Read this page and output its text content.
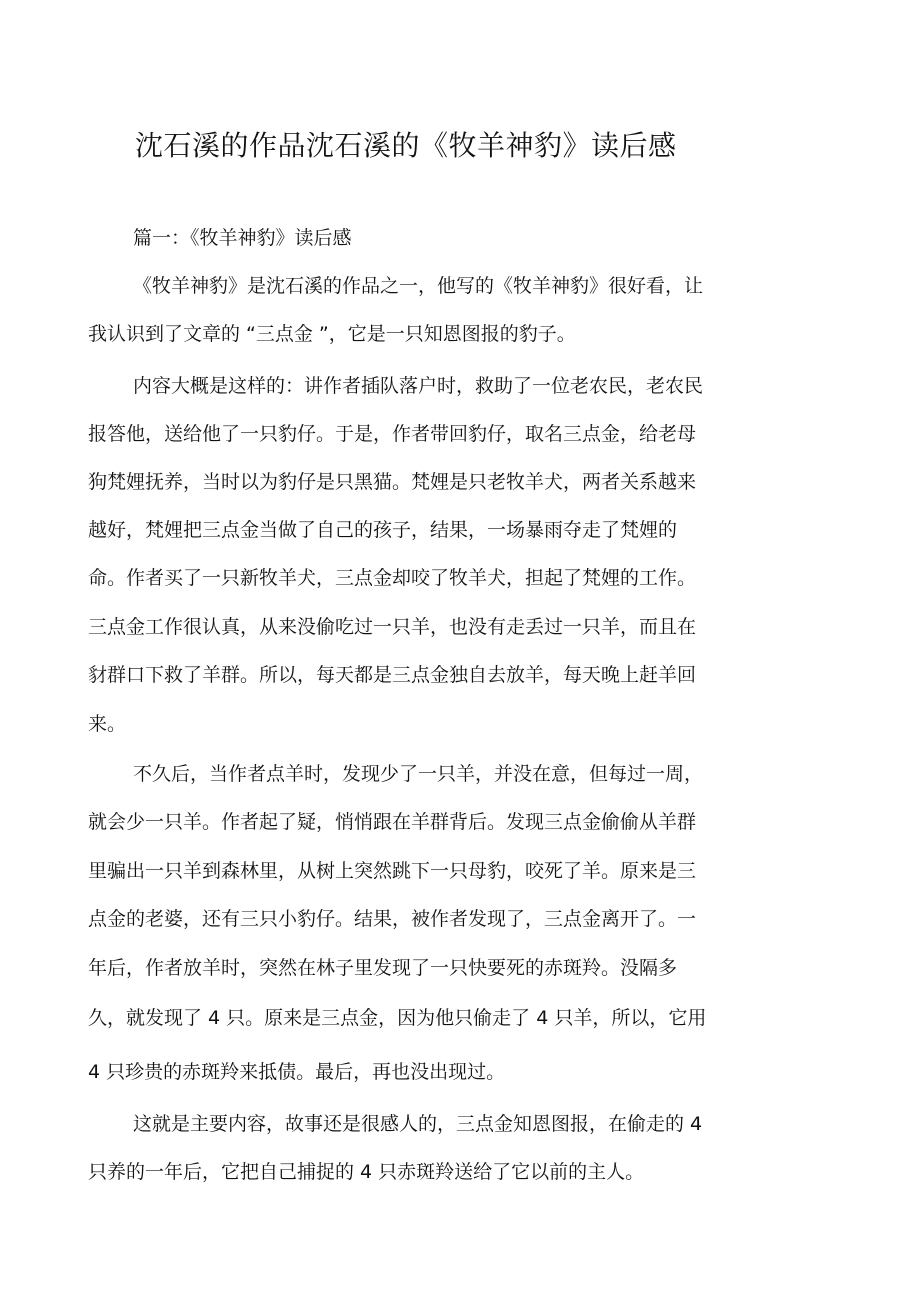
沈石溪的作品沈石溪的《牧羊神豹》读后感
篇一：《牧羊神豹》读后感
《牧羊神豹》是沈石溪的作品之一，他写的《牧羊神豹》很好看，让
我认识到了文章的 “三点金 ”，它是一只知恩图报的豹子。
内容大概是这样的：讲作者插队落户时，救助了一位老农民，老农民
报答他，送给他了一只豹仔。于是，作者带回豹仔，取名三点金，给老母
狗梵娌抚养，当时以为豹仔是只黑猫。梵娌是只老牧羊犬，两者关系越来
越好，梵娌把三点金当做了自己的孩子，结果，一场暴雨夺走了梵娌的
命。作者买了一只新牧羊犬，三点金却咬了牧羊犬，担起了梵娌的工作。
三点金工作很认真，从来没偷吃过一只羊，也没有走丢过一只羊，而且在
豺群口下救了羊群。所以，每天都是三点金独自去放羊，每天晚上赶羊回
来。
不久后，当作者点羊时，发现少了一只羊，并没在意，但每过一周，
就会少一只羊。作者起了疑，悄悄跟在羊群背后。发现三点金偷偷从羊群
里骗出一只羊到森林里，从树上突然跳下一只母豹，咬死了羊。原来是三
点金的老婆，还有三只小豹仔。结果，被作者发现了，三点金离开了。一
年后，作者放羊时，突然在林子里发现了一只快要死的赤斑羚。没隔多
久，就发现了 4 只。原来是三点金，因为他只偷走了 4 只羊，所以，它用
4 只珍贵的赤斑羚来抵债。最后，再也没出现过。
这就是主要内容，故事还是很感人的，三点金知恩图报，在偷走的 4
只养的一年后，它把自己捕捉的 4 只赤斑羚送给了它以前的主人。
